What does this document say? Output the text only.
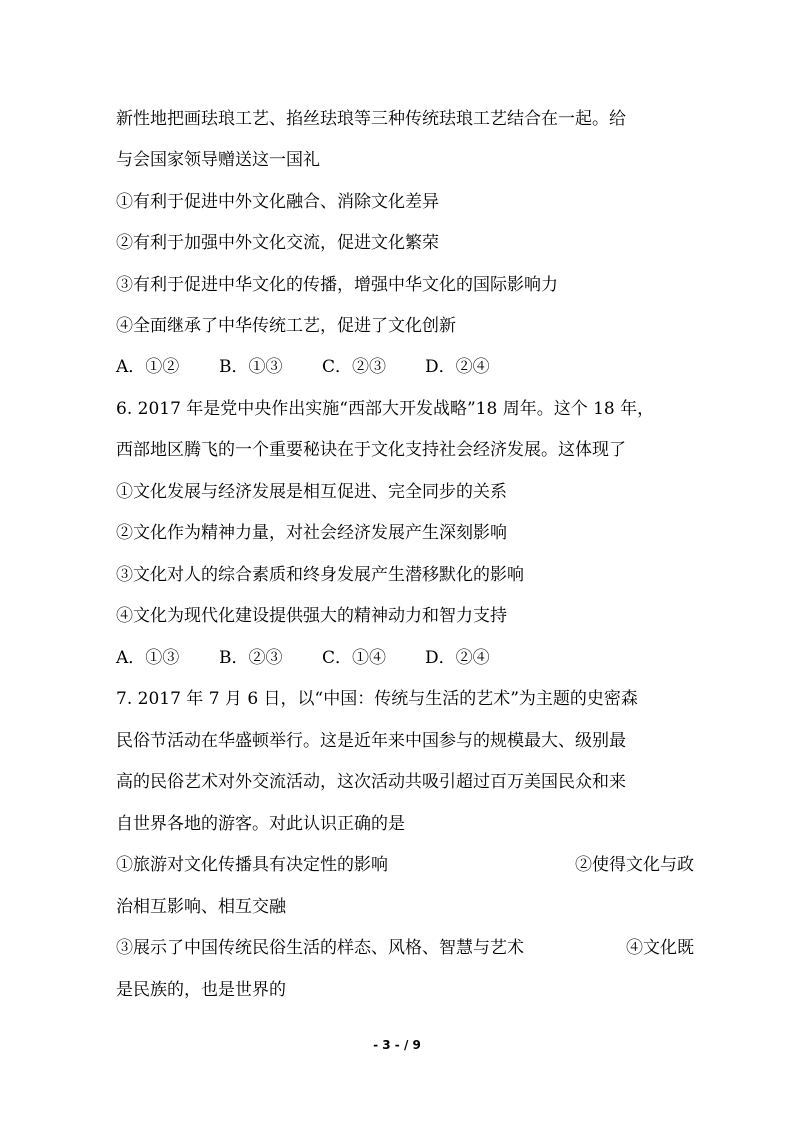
新性地把画珐琅工艺、掐丝珐琅等三种传统珐琅工艺结合在一起。给
与会国家领导赠送这一国礼
①有利于促进中外文化融合、消除文化差异
②有利于加强中外文化交流，促进文化繁荣
③有利于促进中华文化的传播，增强中华文化的国际影响力
④全面继承了中华传统工艺，促进了文化创新
A．①② B．①③ C．②③ D．②④
6. 2017 年是党中央作出实施“西部大开发战略”18 周年。这个 18 年，
西部地区腾飞的一个重要秘诀在于文化支持社会经济发展。这体现了
①文化发展与经济发展是相互促进、完全同步的关系
②文化作为精神力量，对社会经济发展产生深刻影响
③文化对人的综合素质和终身发展产生潜移默化的影响
④文化为现代化建设提供强大的精神动力和智力支持
A．①③ B．②③ C．①④ D．②④
7. 2017 年 7 月 6 日，以“中国：传统与生活的艺术”为主题的史密森
民俗节活动在华盛顿举行。这是近年来中国参与的规模最大、级别最
高的民俗艺术对外交流活动，这次活动共吸引超过百万美国民众和来
自世界各地的游客。对此认识正确的是
①旅游对文化传播具有决定性的影响	②使得文化与政
治相互影响、相互交融
③展示了中国传统民俗生活的样态、风格、智慧与艺术	④文化既
是民族的，也是世界的
- 3 - / 9
